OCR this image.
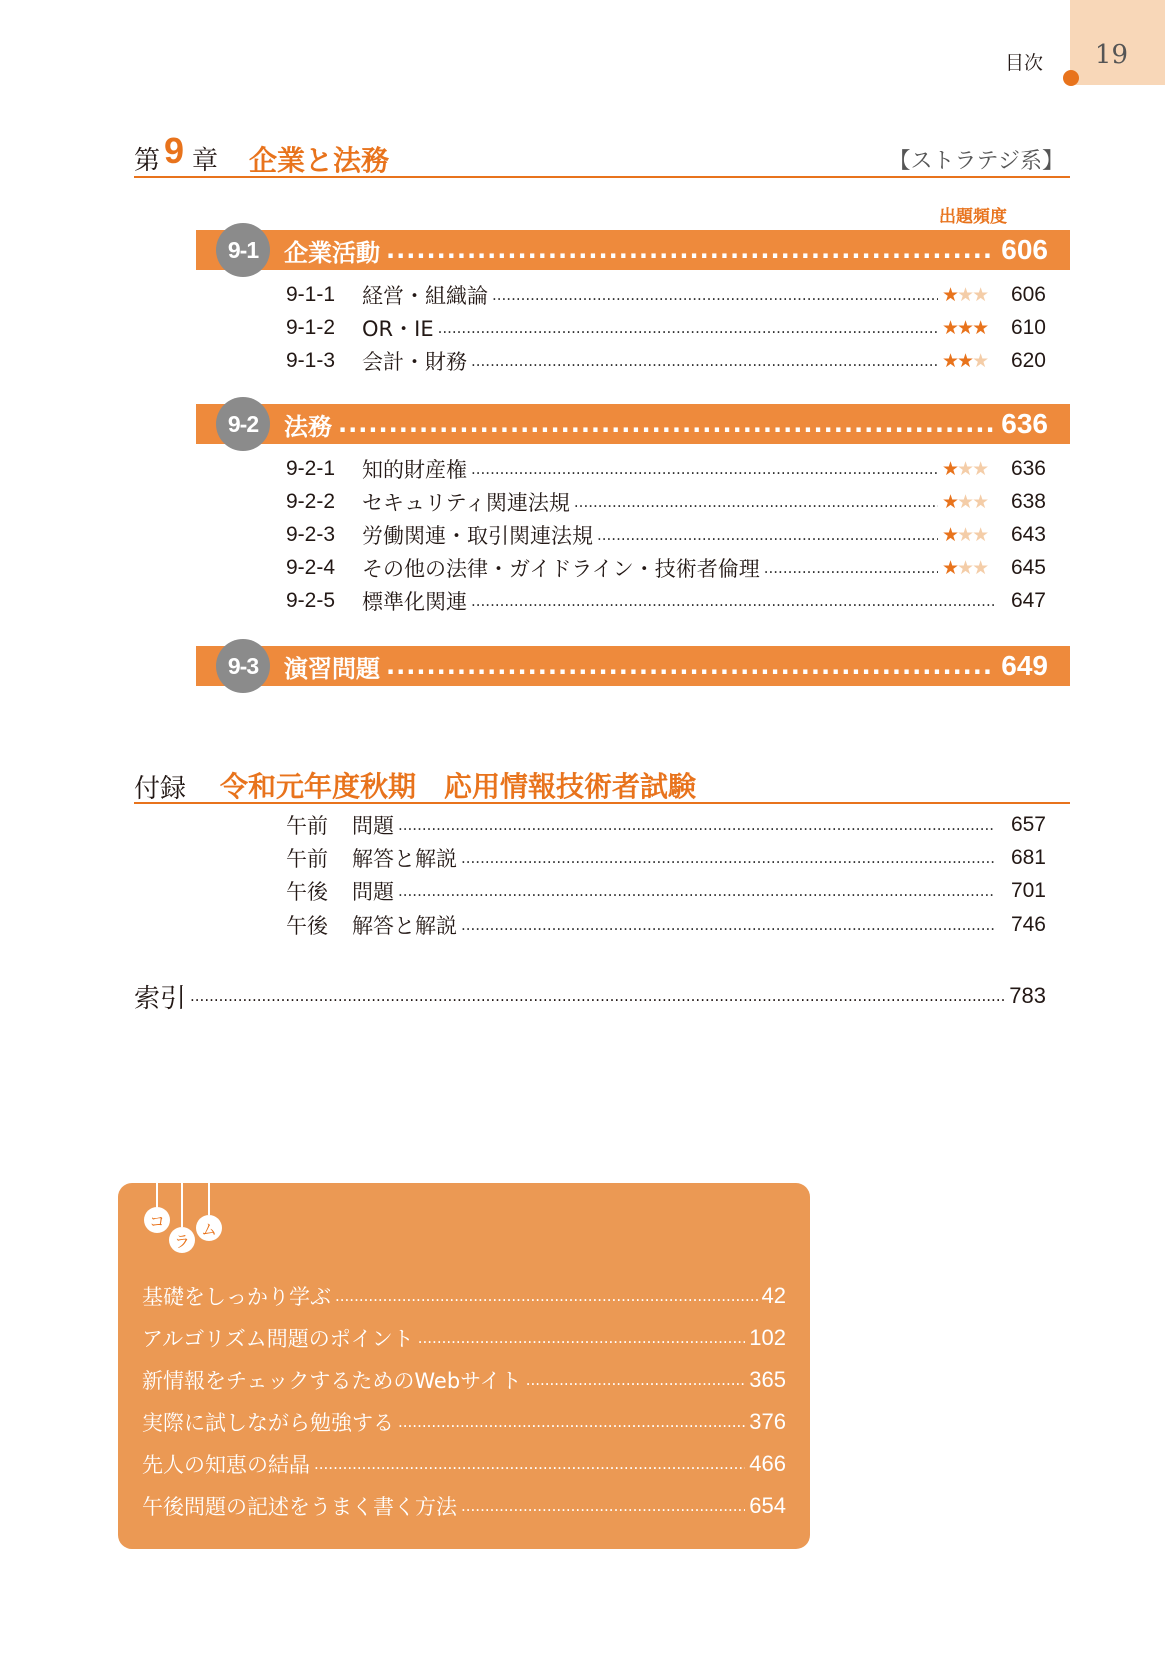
目次 19
第 9 章 企業と法務	【ストラテジ系】
出題頻度
9-1	企業活動 .....	606
9-1-1	経営・組織論 .....	★★★	606
9-1-2	OR・IE .....	★★★	610
9-1-3	会計・財務 .....	★★★	620
9-2	法務 .....	636
9-2-1	知的財産権 .....	★★★	636
9-2-2	セキュリティ関連法規 .....	★★★	638
9-2-3	労働関連・取引関連法規 .....	★★★	643
9-2-4	その他の法律・ガイドライン・技術者倫理 .....	★★★	645
9-2-5	標準化関連 .....	647
9-3	演習問題 .....	649
付録 令和元年度秋期　応用情報技術者試験
午前	問題 .....	657
午前	解答と解説 .....	681
午後	問題 .....	701
午後	解答と解説 .....	746
索引 .....	783
コ
ラ
ム
基礎をしっかり学ぶ .....	42
アルゴリズム問題のポイント .....	102
新情報をチェックするためのWebサイト .....	365
実際に試しながら勉強する .....	376
先人の知恵の結晶 .....	466
午後問題の記述をうまく書く方法 .....	654
